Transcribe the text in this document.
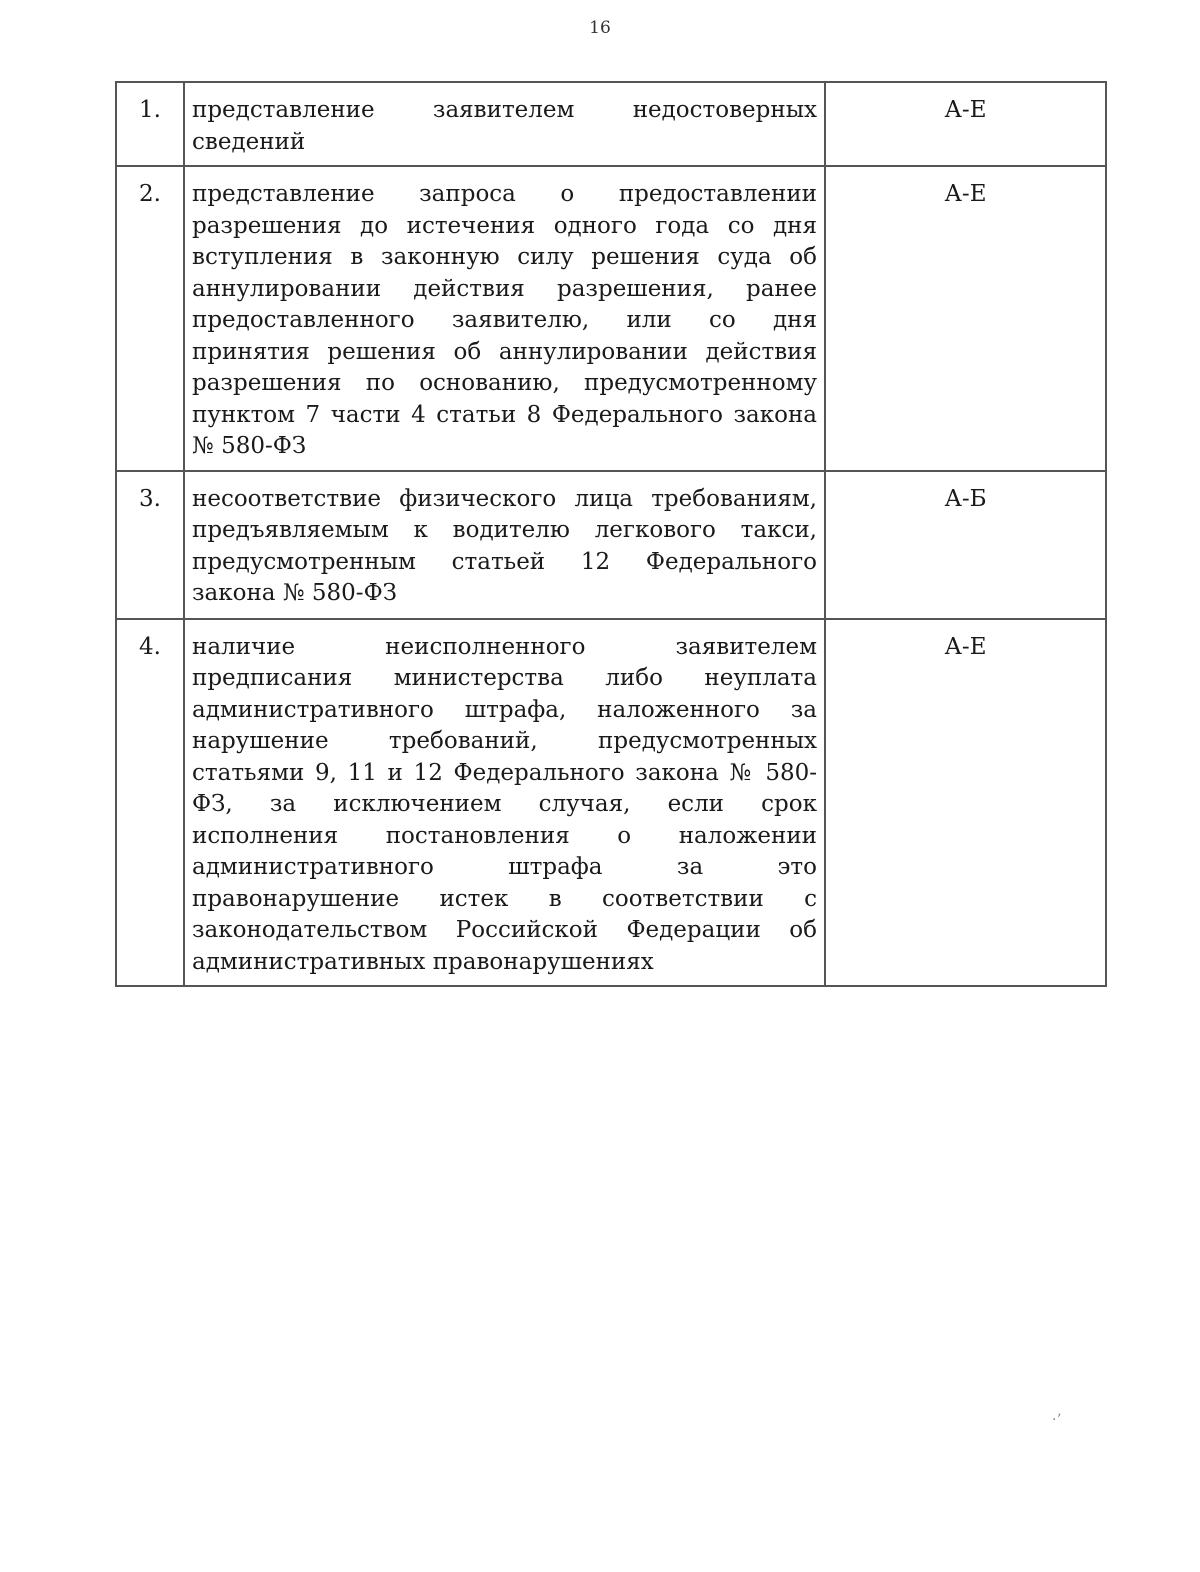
16
1.	представление заявителем недостоверных сведений	А-Е
2.	представление запроса о предоставлении разрешения до истечения одного года со дня вступления в законную силу решения суда об аннулировании действия разрешения, ранее предоставленного заявителю, или со дня принятия решения об аннулировании действия разрешения по основанию, предусмотренному пунктом 7 части 4 статьи 8 Федерального закона № 580-ФЗ	А-Е
3.	несоответствие физического лица требованиям, предъявляемым к водителю легкового такси, предусмотренным статьей 12 Федерального закона № 580-ФЗ	А-Б
4.	наличие неисполненного заявителем предписания министерства либо неуплата административного штрафа, наложенного за нарушение требований, предусмотренных статьями 9, 11 и 12 Федерального закона № 580-ФЗ, за исключением случая, если срок исполнения постановления о наложении административного штрафа за это правонарушение истек в соответствии с законодательством Российской Федерации об административных правонарушениях	А-Е
·ʼ
